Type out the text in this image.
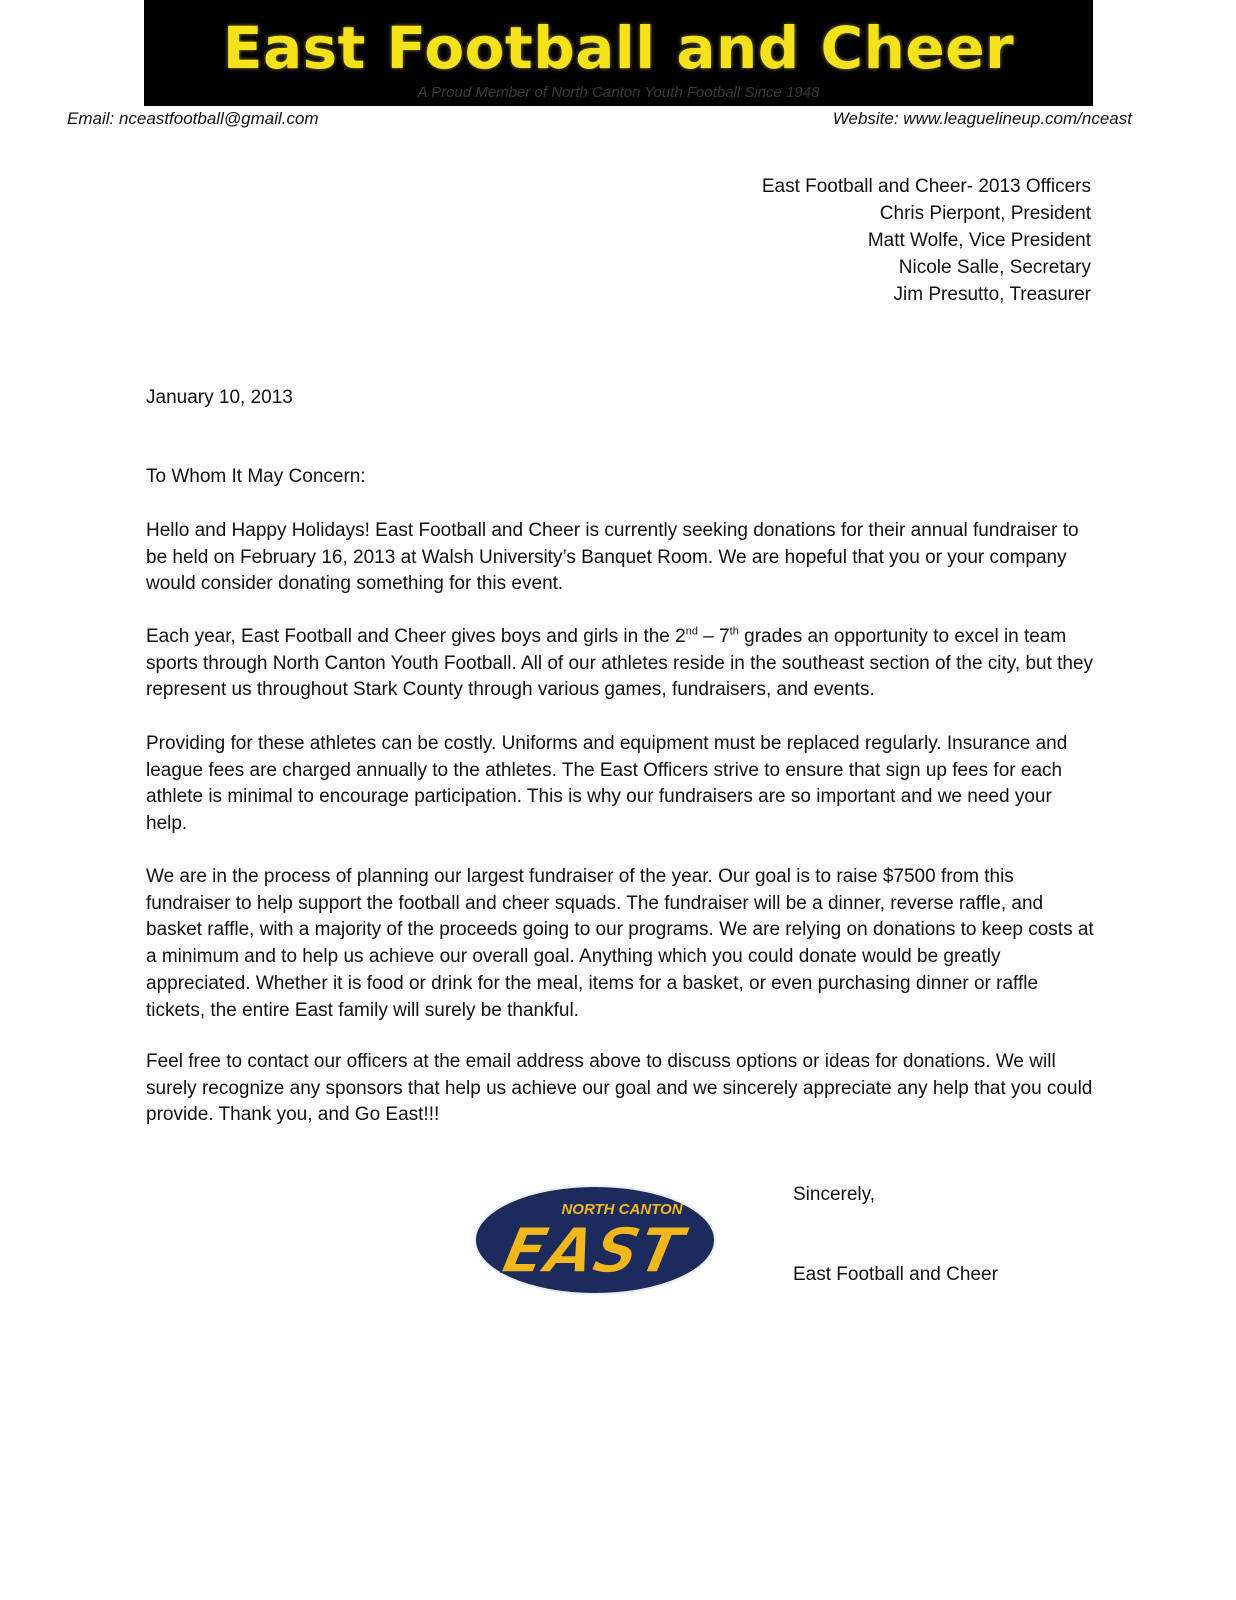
East Football and Cheer
A Proud Member of North Canton Youth Football Since 1948
Email: nceastfootball@gmail.com	Website: www.leaguelineup.com/nceast
East Football and Cheer- 2013 Officers
Chris Pierpont, President
Matt Wolfe, Vice President
Nicole Salle, Secretary
Jim Presutto, Treasurer
January 10, 2013
To Whom It May Concern:

Hello and Happy Holidays! East Football and Cheer is currently seeking donations for their annual fundraiser to be held on February 16, 2013 at Walsh University’s Banquet Room. We are hopeful that you or your company would consider donating something for this event.

Each year, East Football and Cheer gives boys and girls in the 2nd – 7th grades an opportunity to excel in team sports through North Canton Youth Football. All of our athletes reside in the southeast section of the city, but they represent us throughout Stark County through various games, fundraisers, and events.

Providing for these athletes can be costly. Uniforms and equipment must be replaced regularly. Insurance and league fees are charged annually to the athletes. The East Officers strive to ensure that sign up fees for each athlete is minimal to encourage participation. This is why our fundraisers are so important and we need your help.

We are in the process of planning our largest fundraiser of the year. Our goal is to raise $7500 from this fundraiser to help support the football and cheer squads. The fundraiser will be a dinner, reverse raffle, and basket raffle, with a majority of the proceeds going to our programs. We are relying on donations to keep costs at a minimum and to help us achieve our overall goal. Anything which you could donate would be greatly appreciated. Whether it is food or drink for the meal, items for a basket, or even purchasing dinner or raffle tickets, the entire East family will surely be thankful.

Feel free to contact our officers at the email address above to discuss options or ideas for donations. We will surely recognize any sponsors that help us achieve our goal and we sincerely appreciate any help that you could provide. Thank you, and Go East!!!

NORTH CANTON
EAST
Sincerely,
East Football and Cheer
